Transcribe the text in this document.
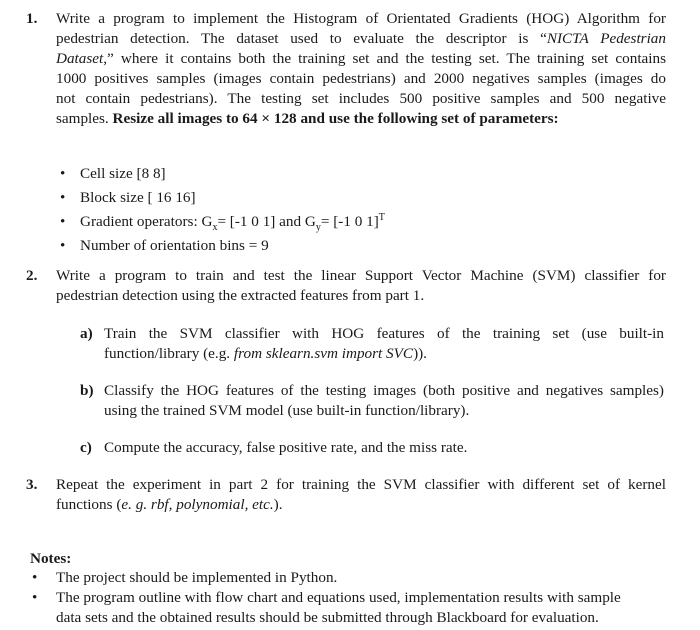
1. Write a program to implement the Histogram of Orientated Gradients (HOG) Algorithm for
pedestrian detection. The dataset used to evaluate the descriptor is “NICTA Pedestrian
Dataset,” where it contains both the training set and the testing set. The training set contains
1000 positives samples (images contain pedestrians) and 2000 negatives samples (images do
not contain pedestrians). The testing set includes 500 positive samples and 500 negative
samples. Resize all images to 64 × 128 and use the following set of parameters:
• Cell size [8 8]
• Block size [ 16 16]
• Gradient operators: $G_x= [-1$ 0 1] and $G_y= [-1$ 0 1]$^T$
• Number of orientation bins = 9
2. Write a program to train and test the linear Support Vector Machine (SVM) classifier for
pedestrian detection using the extracted features from part 1.
a) Train the SVM classifier with HOG features of the training set (use built-in
function/library (e.g. from sklearn.svm import SVC)).
b) Classify the HOG features of the testing images (both positive and negatives samples)
using the trained SVM model (use built-in function/library).
c) Compute the accuracy, false positive rate, and the miss rate.
3. Repeat the experiment in part 2 for training the SVM classifier with different set of kernel
functions (e. g. rbf, polynomial, etc.).
Notes:
• The project should be implemented in Python.
• The program outline with flow chart and equations used, implementation results with sample
data sets and the obtained results should be submitted through Blackboard for evaluation.
